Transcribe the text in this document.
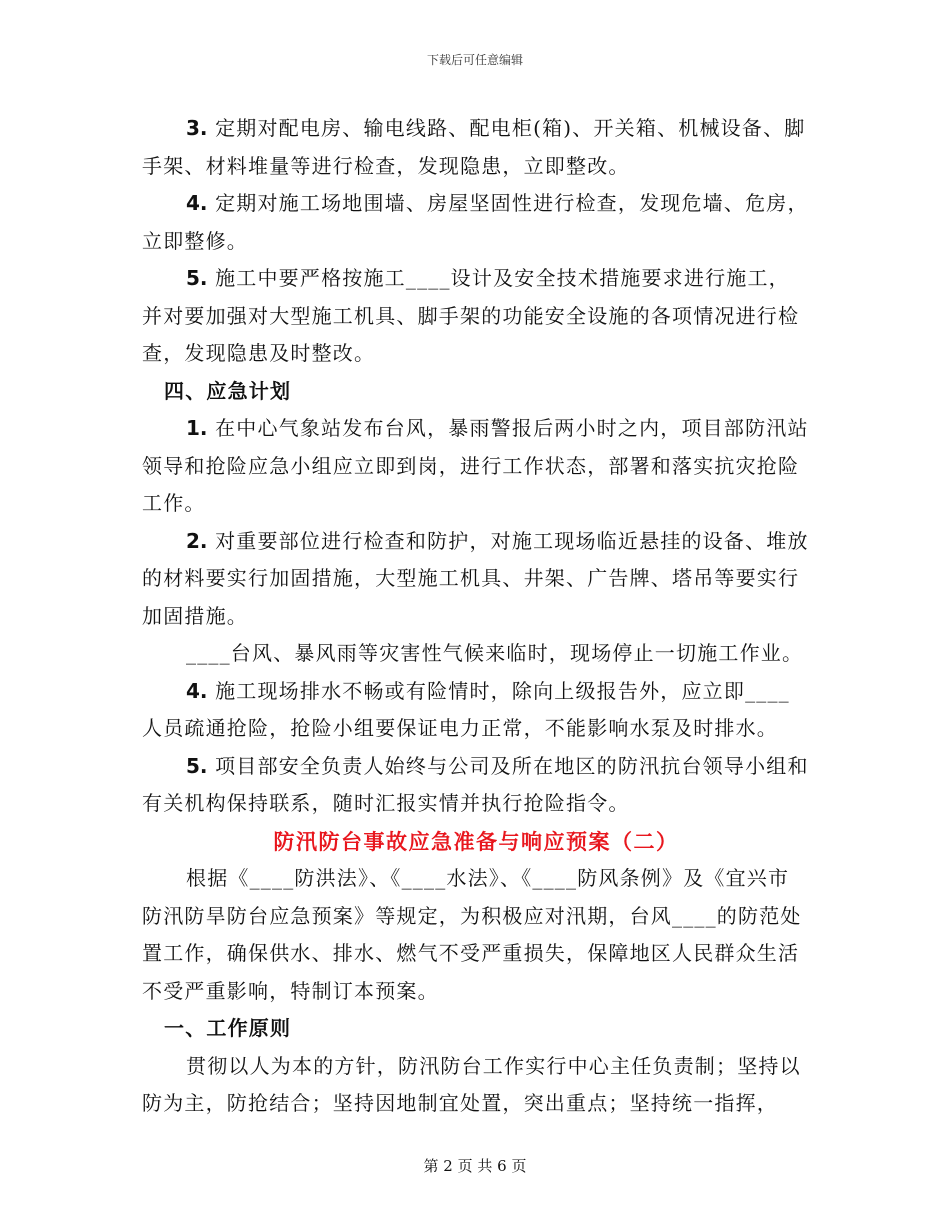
下载后可任意编辑

3. 定期对配电房、输电线路、配电柜(箱)、开关箱、机械设备、脚手架、材料堆量等进行检查，发现隐患，立即整改。

4. 定期对施工场地围墙、房屋坚固性进行检查，发现危墙、危房，立即整修。

5. 施工中要严格按施工____设计及安全技术措施要求进行施工，并对要加强对大型施工机具、脚手架的功能安全设施的各项情况进行检查，发现隐患及时整改。

四、应急计划

1. 在中心气象站发布台风，暴雨警报后两小时之内，项目部防汛站领导和抢险应急小组应立即到岗，进行工作状态，部署和落实抗灾抢险工作。

2. 对重要部位进行检查和防护，对施工现场临近悬挂的设备、堆放的材料要实行加固措施，大型施工机具、井架、广告牌、塔吊等要实行加固措施。

____台风、暴风雨等灾害性气候来临时，现场停止一切施工作业。

4. 施工现场排水不畅或有险情时，除向上级报告外，应立即____人员疏通抢险，抢险小组要保证电力正常，不能影响水泵及时排水。

5. 项目部安全负责人始终与公司及所在地区的防汛抗台领导小组和有关机构保持联系，随时汇报实情并执行抢险指令。

防汛防台事故应急准备与响应预案（二）

根据《____防洪法》、《____水法》、《____防风条例》及《宜兴市防汛防旱防台应急预案》等规定，为积极应对汛期，台风____的防范处置工作，确保供水、排水、燃气不受严重损失，保障地区人民群众生活不受严重影响，特制订本预案。

一、工作原则

贯彻以人为本的方针，防汛防台工作实行中心主任负责制；坚持以防为主，防抢结合；坚持因地制宜处置，突出重点；坚持统一指挥，

第 2 页 共 6 页
